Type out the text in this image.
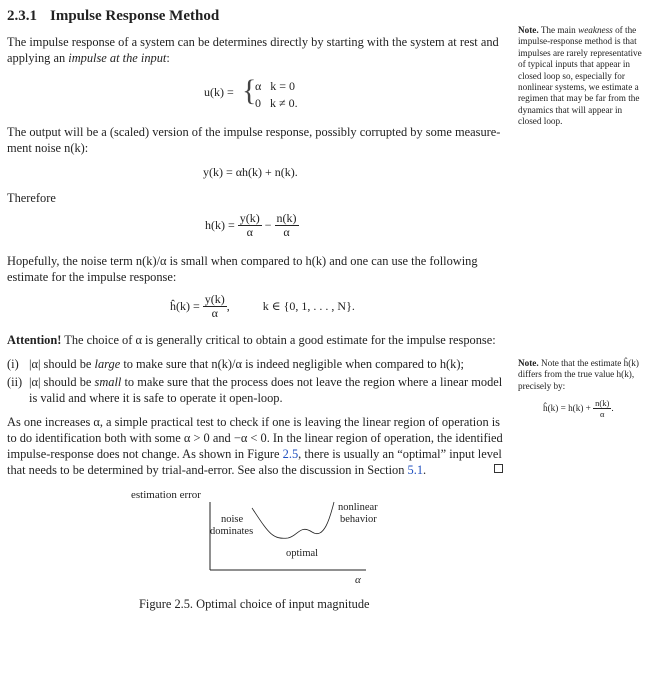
2.3.1 Impulse Response Method
The impulse response of a system can be determines directly by starting with the system at rest and
applying an impulse at the input:
u(k) = {
α   k = 0
0   k ≠ 0.
The output will be a (scaled) version of the impulse response, possibly corrupted by some measure-
ment noise n(k):
y(k) = αh(k) + n(k).
Therefore
$h(k) = \frac{y(k)}{\alpha} - \frac{n(k)}{\alpha}$
Hopefully, the noise term n(k)/α is small when compared to h(k) and one can use the following
estimate for the impulse response:
ĥ(k) = $\frac{y(k)}{\alpha}$ ,	k ∈ {0, 1, . . . , N}.
Attention! The choice of α is generally critical to obtain a good estimate for the impulse response:
(i) |α| should be large to make sure that n(k)/α is indeed negligible when compared to h(k);
(ii) |α| should be small to make sure that the process does not leave the region where a linear model
is valid and where it is safe to operate it open-loop.
As one increases α, a simple practical test to check if one is leaving the linear region of operation is
to do identification both with some α > 0 and −α < 0. In the linear region of operation, the identified
impulse-response does not change. As shown in Figure 2.5, there is usually an “optimal” input level
that needs to be determined by trial-and-error. See also the discussion in Section 5.1.
Note. The main weakness of the
impulse-response method is that
impulses are rarely representative
of typical inputs that appear in
closed loop so, especially for
nonlinear systems, we estimate a
regimen that may be far from the
dynamics that will appear in
closed loop.
Note. Note that the estimate ĥ(k)
differs from the true value h(k),
precisely by:
ĥ(k) = $h(k) + \frac{n(k)}{\alpha}$ .
estimation error
noise
dominates
nonlinear
behavior
optimal
α
Figure 2.5. Optimal choice of input magnitude
